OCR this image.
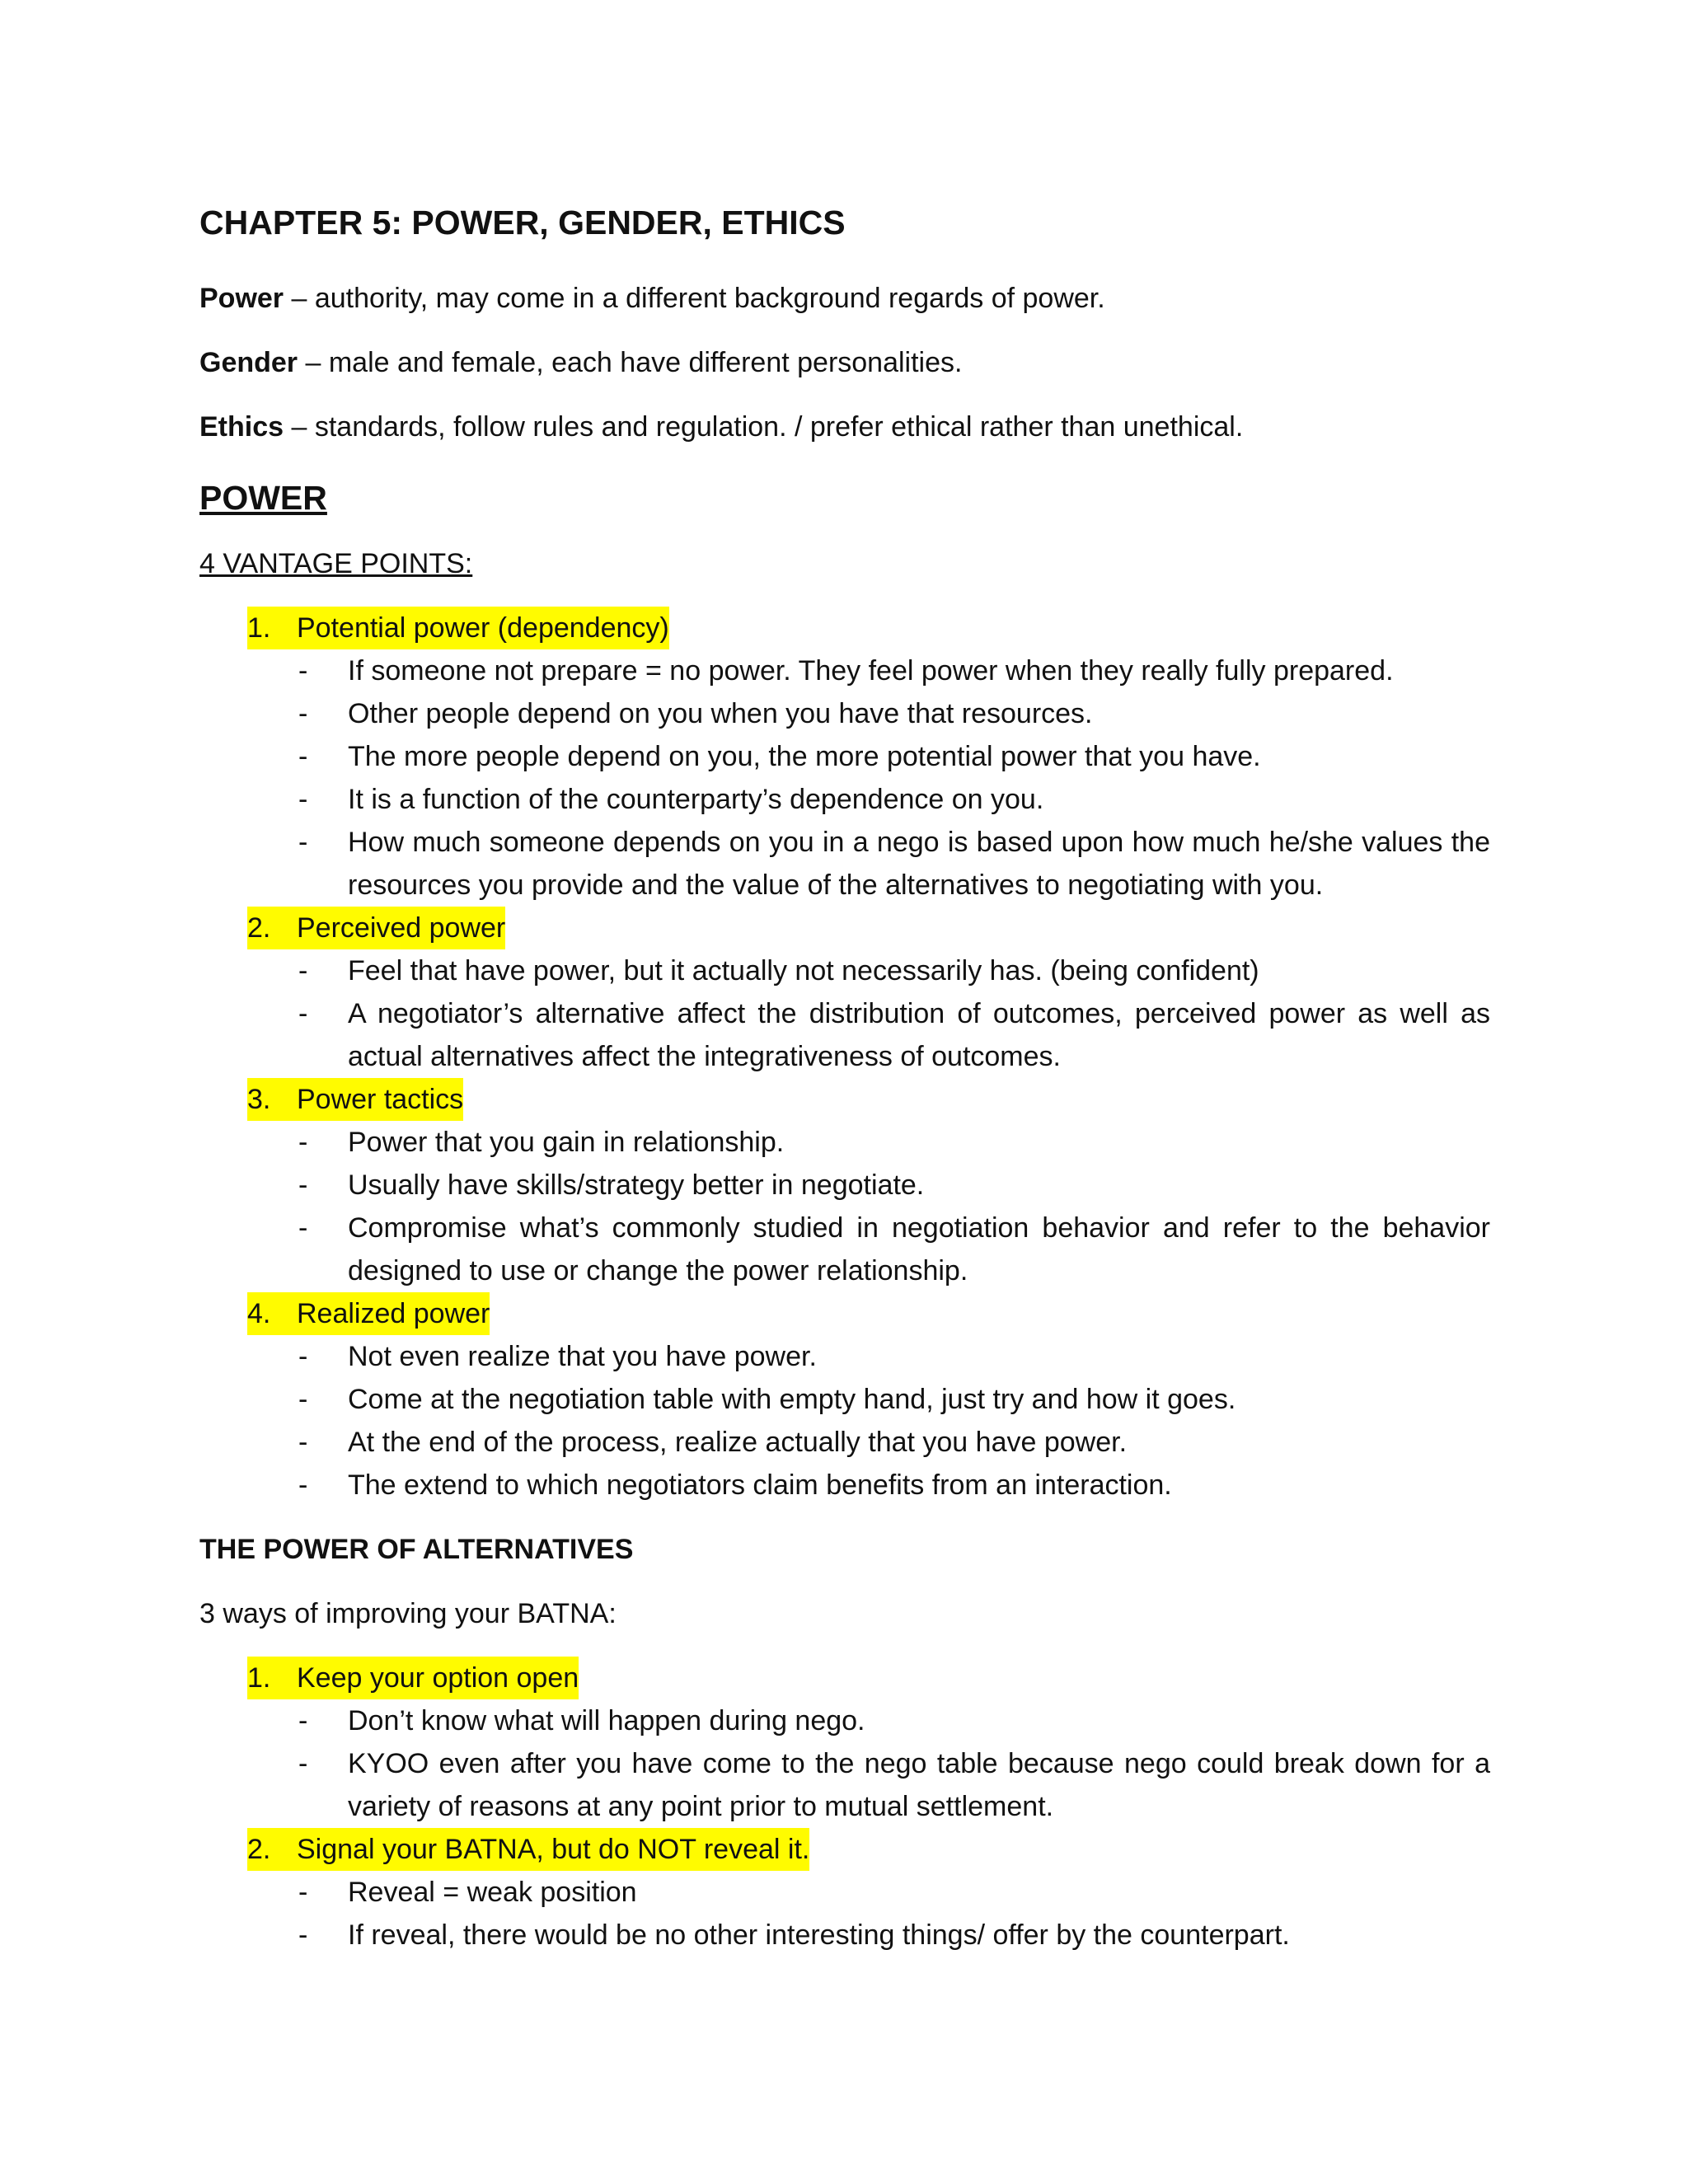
CHAPTER 5: POWER, GENDER, ETHICS

Power – authority, may come in a different background regards of power.

Gender – male and female, each have different personalities.

Ethics – standards, follow rules and regulation. / prefer ethical rather than unethical.

POWER
4 VANTAGE POINTS:
1. Potential power (dependency)
- If someone not prepare = no power. They feel power when they really fully prepared.
- Other people depend on you when you have that resources.
- The more people depend on you, the more potential power that you have.
- It is a function of the counterparty’s dependence on you.
- How much someone depends on you in a nego is based upon how much he/she values the resources you provide and the value of the alternatives to negotiating with you.
2. Perceived power
- Feel that have power, but it actually not necessarily has. (being confident)
- A negotiator’s alternative affect the distribution of outcomes, perceived power as well as actual alternatives affect the integrativeness of outcomes.
3. Power tactics
- Power that you gain in relationship.
- Usually have skills/strategy better in negotiate.
- Compromise what’s commonly studied in negotiation behavior and refer to the behavior designed to use or change the power relationship.
4. Realized power
- Not even realize that you have power.
- Come at the negotiation table with empty hand, just try and how it goes.
- At the end of the process, realize actually that you have power.
- The extend to which negotiators claim benefits from an interaction.
THE POWER OF ALTERNATIVES
3 ways of improving your BATNA:
1. Keep your option open
- Don’t know what will happen during nego.
- KYOO even after you have come to the nego table because nego could break down for a variety of reasons at any point prior to mutual settlement.
2. Signal your BATNA, but do NOT reveal it.
- Reveal = weak position
- If reveal, there would be no other interesting things/ offer by the counterpart.
